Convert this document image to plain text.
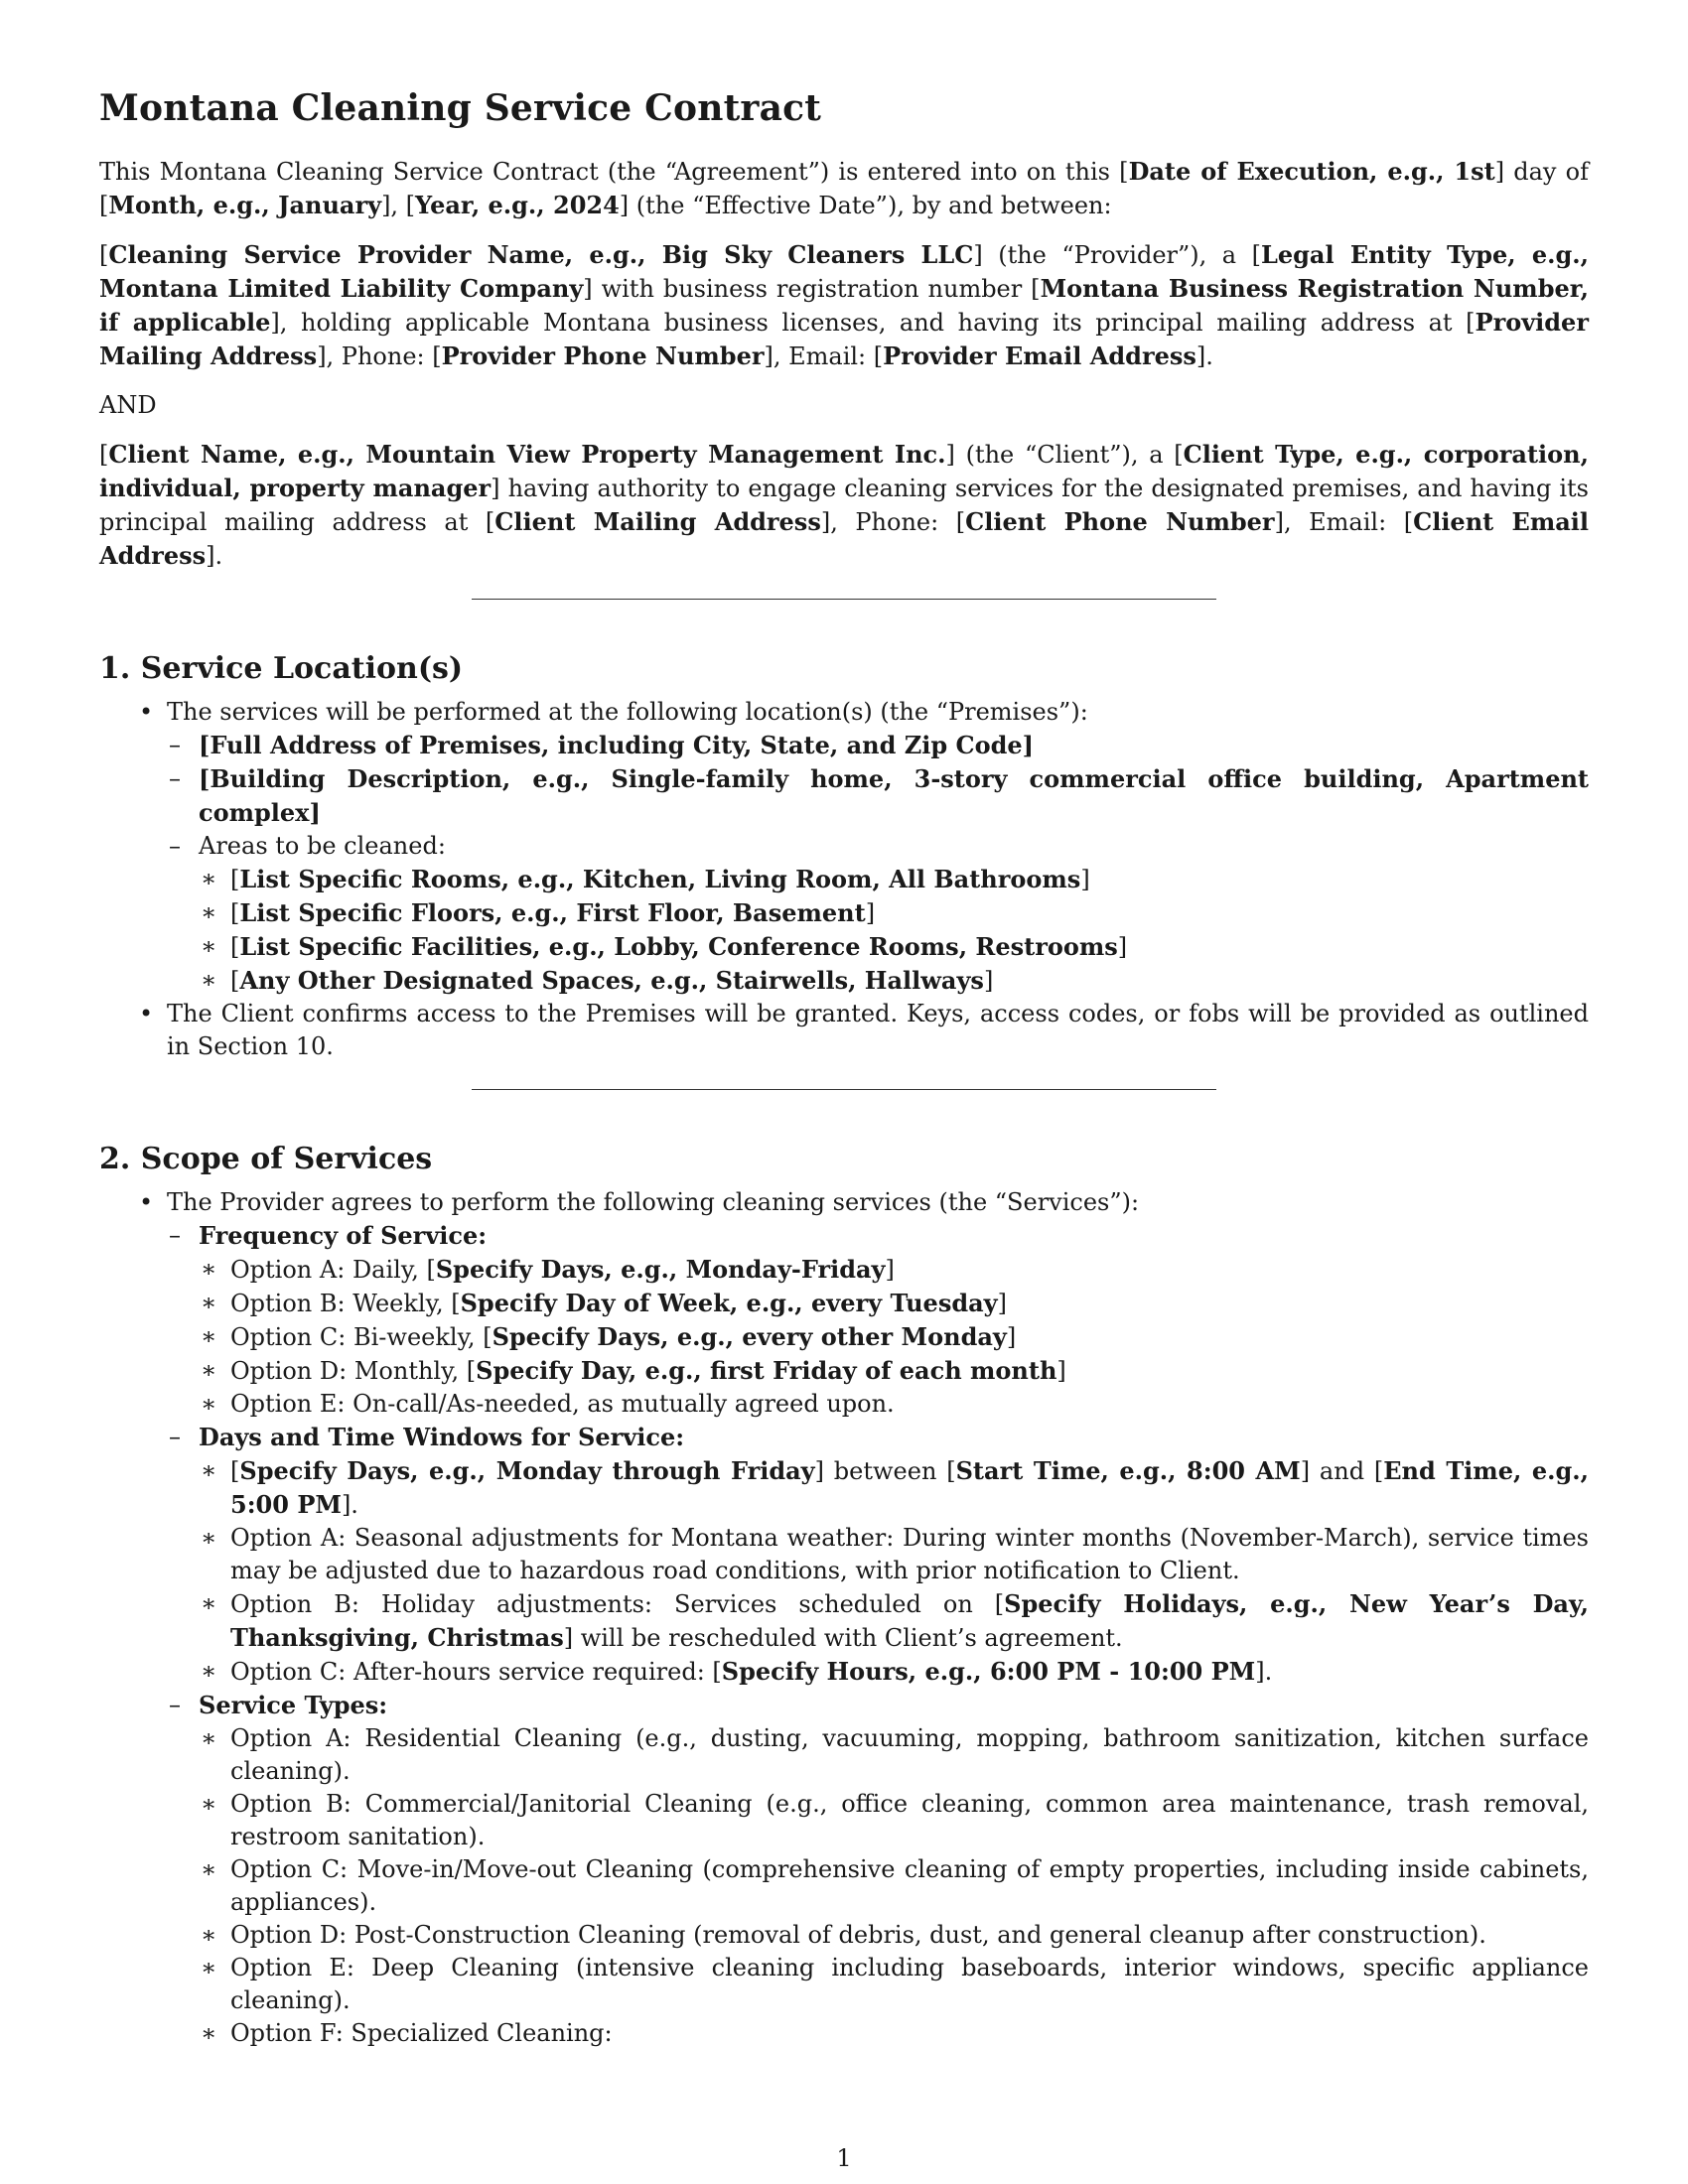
Montana Cleaning Service Contract

This Montana Cleaning Service Contract (the “Agreement”) is entered into on this [Date of Execution, e.g., 1st] day of [Month, e.g., January], [Year, e.g., 2024] (the “Effective Date”), by and between:

[Cleaning Service Provider Name, e.g., Big Sky Cleaners LLC] (the “Provider”), a [Legal Entity Type, e.g., Montana Limited Liability Company] with business registration number [Montana Business Registration Number, if applicable], holding applicable Montana business licenses, and having its principal mailing address at [Provider Mailing Address], Phone: [Provider Phone Number], Email: [Provider Email Address].

AND

[Client Name, e.g., Mountain View Property Management Inc.] (the “Client”), a [Client Type, e.g., corporation, individual, property manager] having authority to engage cleaning services for the designated premises, and having its principal mailing address at [Client Mailing Address], Phone: [Client Phone Number], Email: [Client Email Address].

1. Service Location(s)
• The services will be performed at the following location(s) (the “Premises”):
– [Full Address of Premises, including City, State, and Zip Code]
– [Building Description, e.g., Single-family home, 3-story commercial office building, Apartment complex]
– Areas to be cleaned:
∗ [List Specific Rooms, e.g., Kitchen, Living Room, All Bathrooms]
∗ [List Specific Floors, e.g., First Floor, Basement]
∗ [List Specific Facilities, e.g., Lobby, Conference Rooms, Restrooms]
∗ [Any Other Designated Spaces, e.g., Stairwells, Hallways]
• The Client confirms access to the Premises will be granted. Keys, access codes, or fobs will be provided as outlined in Section 10.
2. Scope of Services
• The Provider agrees to perform the following cleaning services (the “Services”):
– Frequency of Service:
∗ Option A: Daily, [Specify Days, e.g., Monday-Friday]
∗ Option B: Weekly, [Specify Day of Week, e.g., every Tuesday]
∗ Option C: Bi-weekly, [Specify Days, e.g., every other Monday]
∗ Option D: Monthly, [Specify Day, e.g., first Friday of each month]
∗ Option E: On-call/As-needed, as mutually agreed upon.
– Days and Time Windows for Service:
∗ [Specify Days, e.g., Monday through Friday] between [Start Time, e.g., 8:00 AM] and [End Time, e.g., 5:00 PM].
∗ Option A: Seasonal adjustments for Montana weather: During winter months (November-March), service times may be adjusted due to hazardous road conditions, with prior notification to Client.
∗ Option B: Holiday adjustments: Services scheduled on [Specify Holidays, e.g., New Year’s Day, Thanksgiving, Christmas] will be rescheduled with Client’s agreement.
∗ Option C: After-hours service required: [Specify Hours, e.g., 6:00 PM - 10:00 PM].
– Service Types:
∗ Option A: Residential Cleaning (e.g., dusting, vacuuming, mopping, bathroom sanitization, kitchen surface cleaning).
∗ Option B: Commercial/Janitorial Cleaning (e.g., office cleaning, common area maintenance, trash removal, restroom sanitation).
∗ Option C: Move-in/Move-out Cleaning (comprehensive cleaning of empty properties, including inside cabinets, appliances).
∗ Option D: Post-Construction Cleaning (removal of debris, dust, and general cleanup after construction).
∗ Option E: Deep Cleaning (intensive cleaning including baseboards, interior windows, specific appliance cleaning).
∗ Option F: Specialized Cleaning:
1
